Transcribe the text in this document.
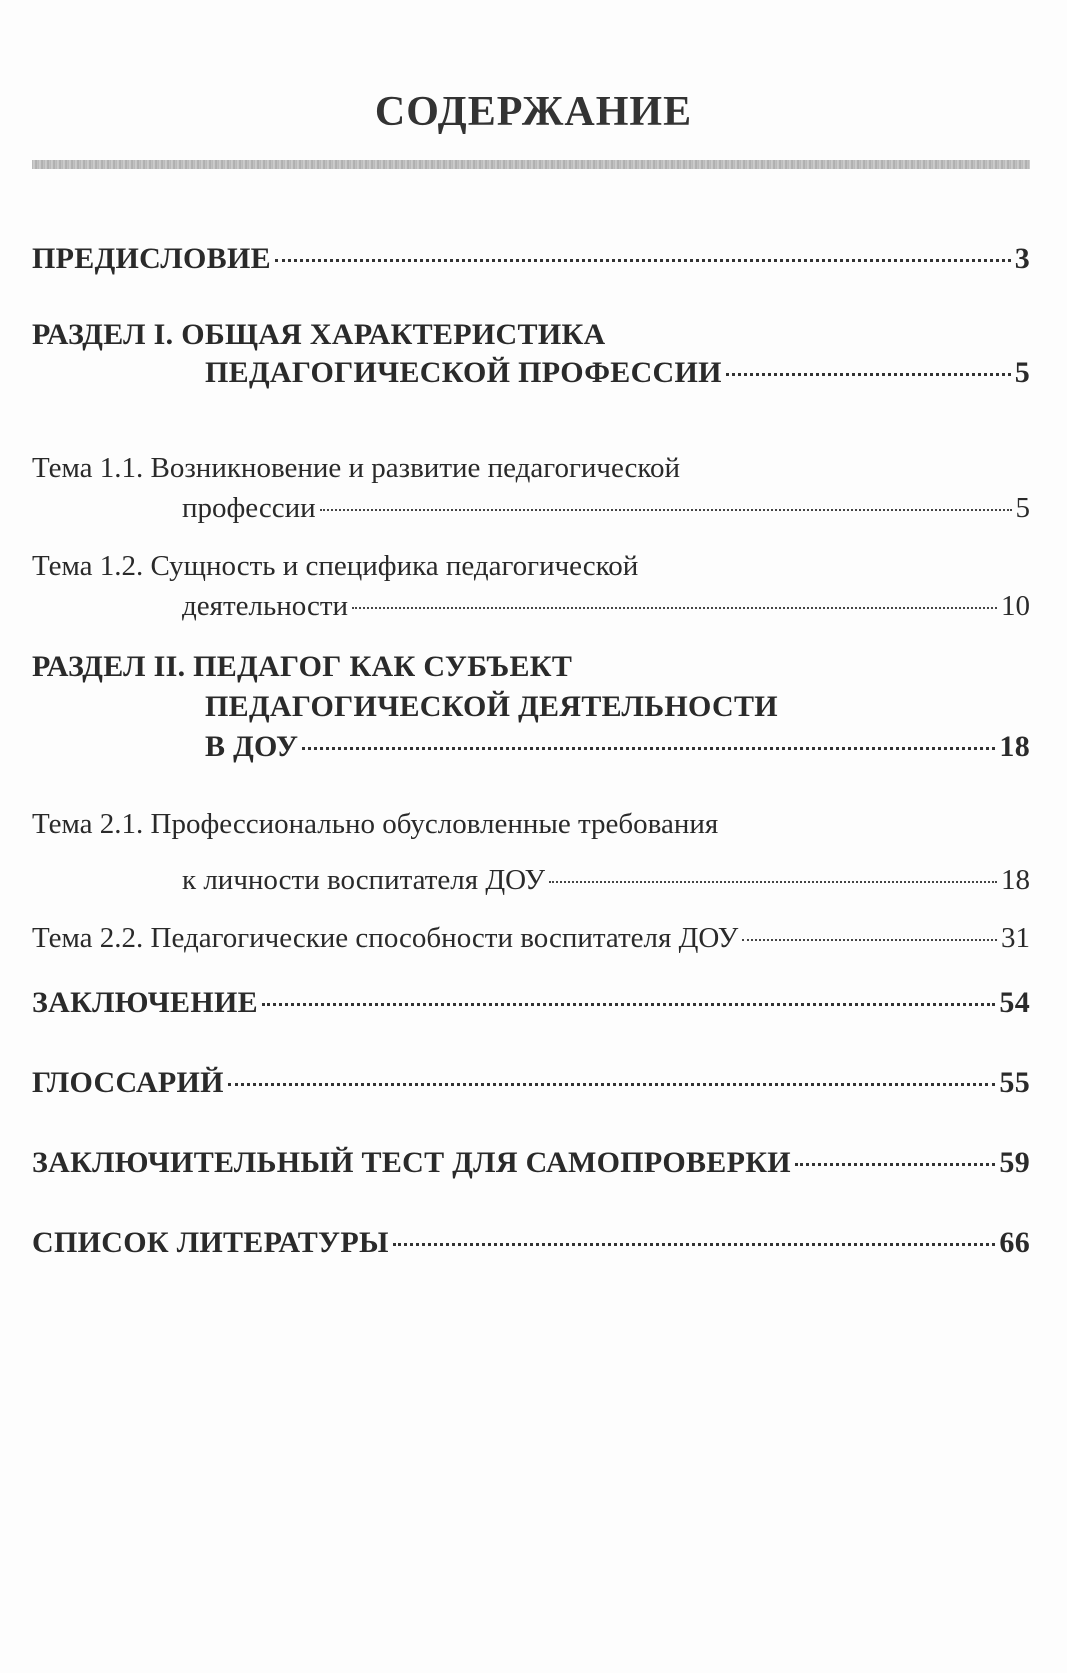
СОДЕРЖАНИЕ
ПРЕДИСЛОВИЕ	3
РАЗДЕЛ I. ОБЩАЯ ХАРАКТЕРИСТИКА
ПЕДАГОГИЧЕСКОЙ ПРОФЕССИИ	5
Тема 1.1. Возникновение и развитие педагогической
профессии	5
Тема 1.2. Сущность и специфика педагогической
деятельности	10
РАЗДЕЛ II. ПЕДАГОГ КАК СУБЪЕКТ
ПЕДАГОГИЧЕСКОЙ ДЕЯТЕЛЬНОСТИ
В ДОУ	18
Тема 2.1. Профессионально обусловленные требования
к личности воспитателя ДОУ	18
Тема 2.2. Педагогические способности воспитателя ДОУ	31
ЗАКЛЮЧЕНИЕ	54
ГЛОССАРИЙ	55
ЗАКЛЮЧИТЕЛЬНЫЙ ТЕСТ ДЛЯ САМОПРОВЕРКИ	59
СПИСОК ЛИТЕРАТУРЫ	66
